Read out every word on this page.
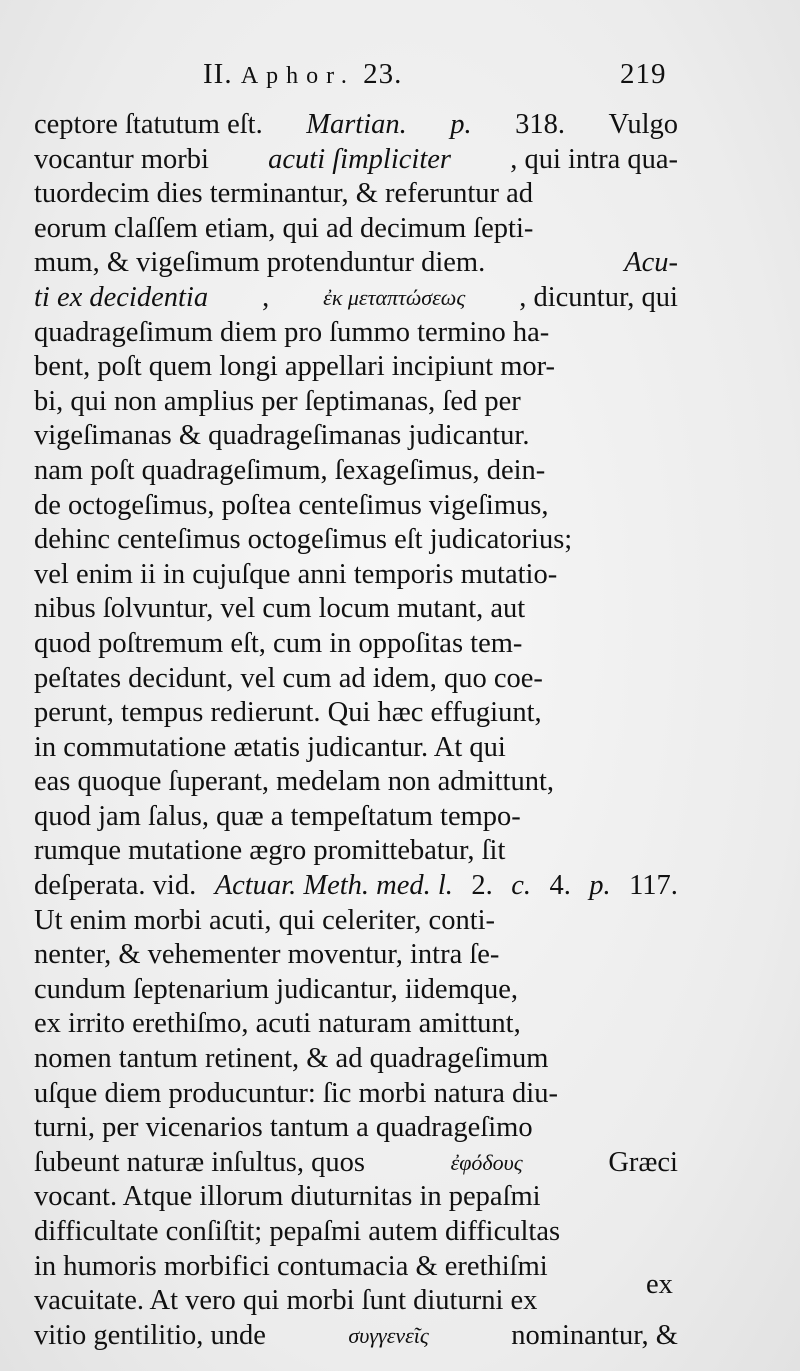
II. Aphor. 23.	219
ceptore ſtatutum eſt. Martian. p. 318. Vulgo
vocantur morbi acuti ſimpliciter , qui intra qua-
tuordecim dies terminantur, & referuntur ad
eorum claſſem etiam, qui ad decimum ſepti-
mum, & vigeſimum protenduntur diem.	Acu-
ti ex decidentia , ἐκ μεταπτώσεως , dicuntur, qui
quadrageſimum diem pro ſummo termino ha-
bent, poſt quem longi appellari incipiunt mor-
bi, qui non amplius per ſeptimanas, ſed per
vigeſimanas & quadrageſimanas judicantur.
nam poſt quadrageſimum, ſexageſimus, dein-
de octogeſimus, poſtea centeſimus vigeſimus,
dehinc centeſimus octogeſimus eſt judicatorius;
vel enim ii in cujuſque anni temporis mutatio-
nibus ſolvuntur, vel cum locum mutant, aut
quod poſtremum eſt, cum in oppoſitas tem-
peſtates decidunt, vel cum ad idem, quo coe-
perunt, tempus redierunt. Qui hæc effugiunt,
in commutatione ætatis judicantur. At qui
eas quoque ſuperant, medelam non admittunt,
quod jam ſalus, quæ a tempeſtatum tempo-
rumque mutatione ægro promittebatur, ſit
deſperata. vid. Actuar. Meth. med. l. 2. c. 4. p. 117.
Ut enim morbi acuti, qui celeriter, conti-
nenter, & vehementer moventur, intra ſe-
cundum ſeptenarium judicantur, iidemque,
ex irrito erethiſmo, acuti naturam amittunt,
nomen tantum retinent, & ad quadrageſimum
uſque diem producuntur: ſic morbi natura diu-
turni, per vicenarios tantum a quadrageſimo
ſubeunt naturæ inſultus, quos	ἐφόδους	Græci
vocant. Atque illorum diuturnitas in pepaſmi
difficultate conſiſtit; pepaſmi autem difficultas
in humoris morbifici contumacia & erethiſmi
vacuitate. At vero qui morbi ſunt diuturni ex
vitio gentilitio, unde	συγγενεῖς	nominantur, &
ex
